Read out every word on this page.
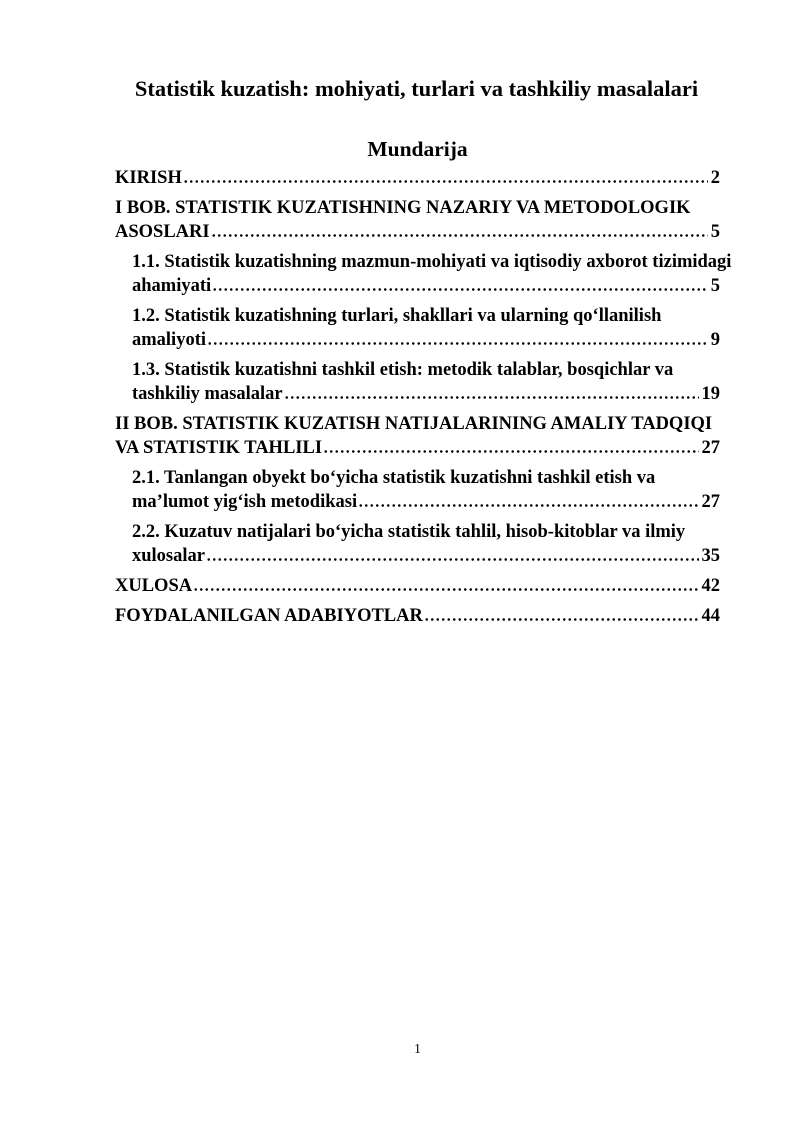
Statistik kuzatish: mohiyati, turlari va tashkiliy masalalari
Mundarija
KIRISH	2
I BOB. STATISTIK KUZATISHNING NAZARIY VA METODOLOGIK
ASOSLARI	5
1.1. Statistik kuzatishning mazmun-mohiyati va iqtisodiy axborot tizimidagi
ahamiyati	5
1.2. Statistik kuzatishning turlari, shakllari va ularning qo‘llanilish
amaliyoti	9
1.3. Statistik kuzatishni tashkil etish: metodik talablar, bosqichlar va
tashkiliy masalalar	19
II BOB. STATISTIK KUZATISH NATIJALARINING AMALIY TADQIQI
VA STATISTIK TAHLILI	27
2.1. Tanlangan obyekt bo‘yicha statistik kuzatishni tashkil etish va
ma’lumot yig‘ish metodikasi	27
2.2. Kuzatuv natijalari bo‘yicha statistik tahlil, hisob-kitoblar va ilmiy
xulosalar	35
XULOSA	42
FOYDALANILGAN ADABIYOTLAR	44
1
